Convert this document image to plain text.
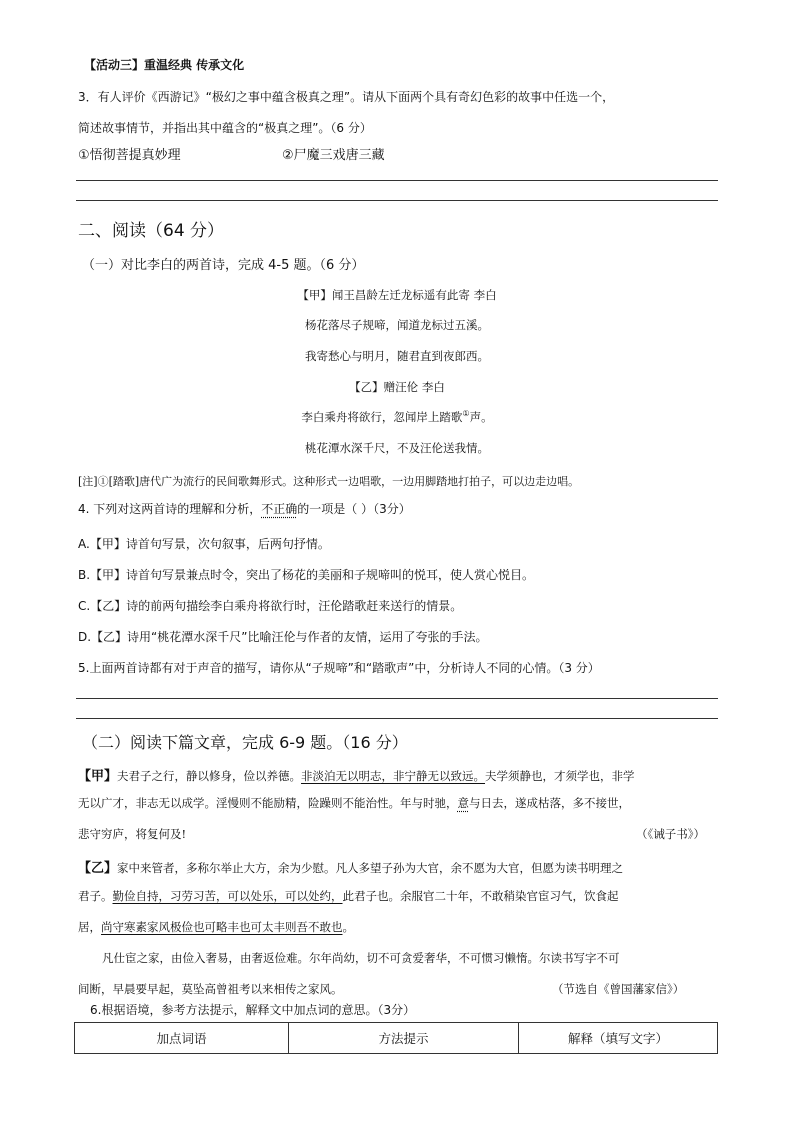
【活动三】重温经典 传承文化
3．有人评价《西游记》“极幻之事中蕴含极真之理”。请从下面两个具有奇幻色彩的故事中任选一个，
简述故事情节，并指出其中蕴含的“极真之理”。（6 分）
①悟彻菩提真妙理	②尸魔三戏唐三藏
二、阅读（64 分）
（一）对比李白的两首诗，完成 4-5 题。（6 分）
【甲】闻王昌龄左迁龙标遥有此寄 李白
杨花落尽子规啼，闻道龙标过五溪。
我寄愁心与明月，随君直到夜郎西。
【乙】赠汪伦 李白
李白乘舟将欲行，忽闻岸上踏歌①声。
桃花潭水深千尺，不及汪伦送我情。
[注]①[踏歌]唐代广为流行的民间歌舞形式。这种形式一边唱歌，一边用脚踏地打拍子，可以边走边唱。
4. 下列对这两首诗的理解和分析，不正确的一项是（ ）（3分）
A.【甲】诗首句写景，次句叙事，后两句抒情。
B.【甲】诗首句写景兼点时令，突出了杨花的美丽和子规啼叫的悦耳，使人赏心悦目。
C.【乙】诗的前两句描绘李白乘舟将欲行时，汪伦踏歌赶来送行的情景。
D.【乙】诗用“桃花潭水深千尺”比喻汪伦与作者的友情，运用了夸张的手法。
5.上面两首诗都有对于声音的描写，请你从“子规啼”和“踏歌声”中，分析诗人不同的心情。（3 分）
（二）阅读下篇文章，完成 6-9 题。（16 分）
【甲】夫君子之行，静以修身，俭以养德。非淡泊无以明志，非宁静无以致远。夫学须静也，才须学也，非学
无以广才，非志无以成学。淫慢则不能励精，险躁则不能治性。年与时驰，意与日去，遂成枯落，多不接世，
悲守穷庐，将复何及!	（《诫子书》）
【乙】家中来管者，多称尔举止大方，余为少慰。凡人多望子孙为大官，余不愿为大官，但愿为读书明理之
君子。勤俭自持，习劳习苦，可以处乐，可以处约，此君子也。余服官二十年，不敢稍染官宦习气，饮食起
居，尚守寒素家风极俭也可略丰也可太丰则吾不敢也。
凡仕宦之家，由俭入奢易，由奢返俭难。尔年尚幼，切不可贪爱奢华，不可惯习懒惰。尔读书写字不可
间断，早晨要早起，莫坠高曾祖考以来相传之家风。	（节选自《曾国藩家信》）
6.根据语境，参考方法提示，解释文中加点词的意思。（3分）
加点词语	方法提示	解释（填写文字）
